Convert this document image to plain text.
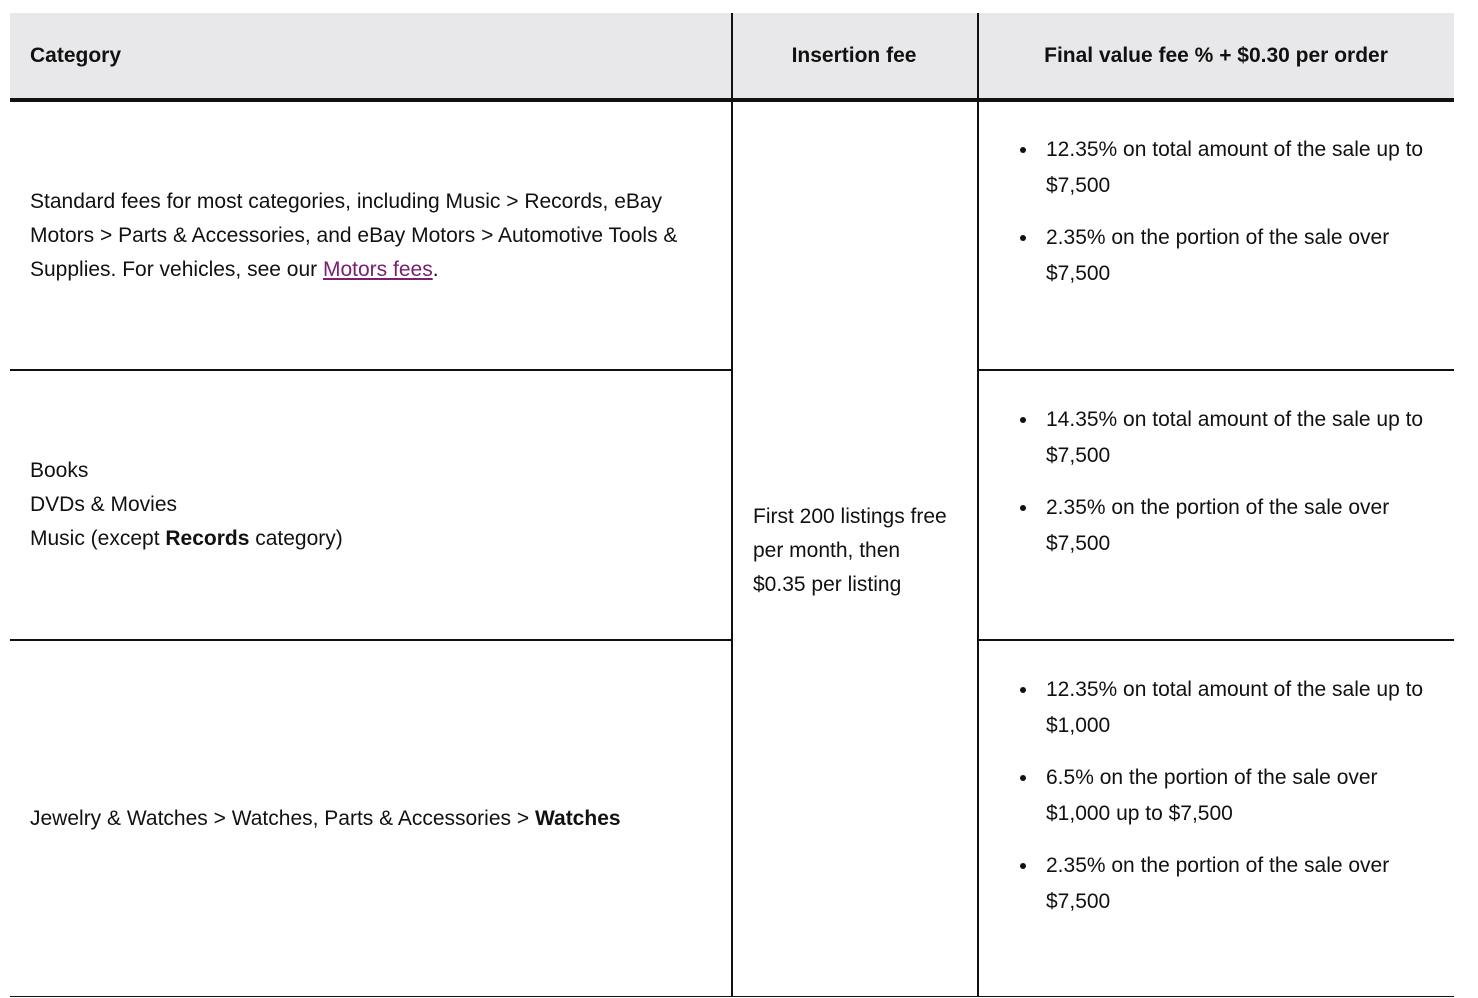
Category	Insertion fee	Final value fee % + $0.30 per order

Standard fees for most categories, including Music > Records, eBay Motors > Parts & Accessories, and eBay Motors > Automotive Tools & Supplies. For vehicles, see our Motors fees.

Books
DVDs & Movies
Music (except Records category)

Jewelry & Watches > Watches, Parts & Accessories > Watches

First 200 listings free
per month, then
$0.35 per listing
12.35% on total amount of the sale up to $7,500
2.35% on the portion of the sale over $7,500
14.35% on total amount of the sale up to $7,500
2.35% on the portion of the sale over $7,500
12.35% on total amount of the sale up to $1,000
6.5% on the portion of the sale over $1,000 up to $7,500
2.35% on the portion of the sale over $7,500
